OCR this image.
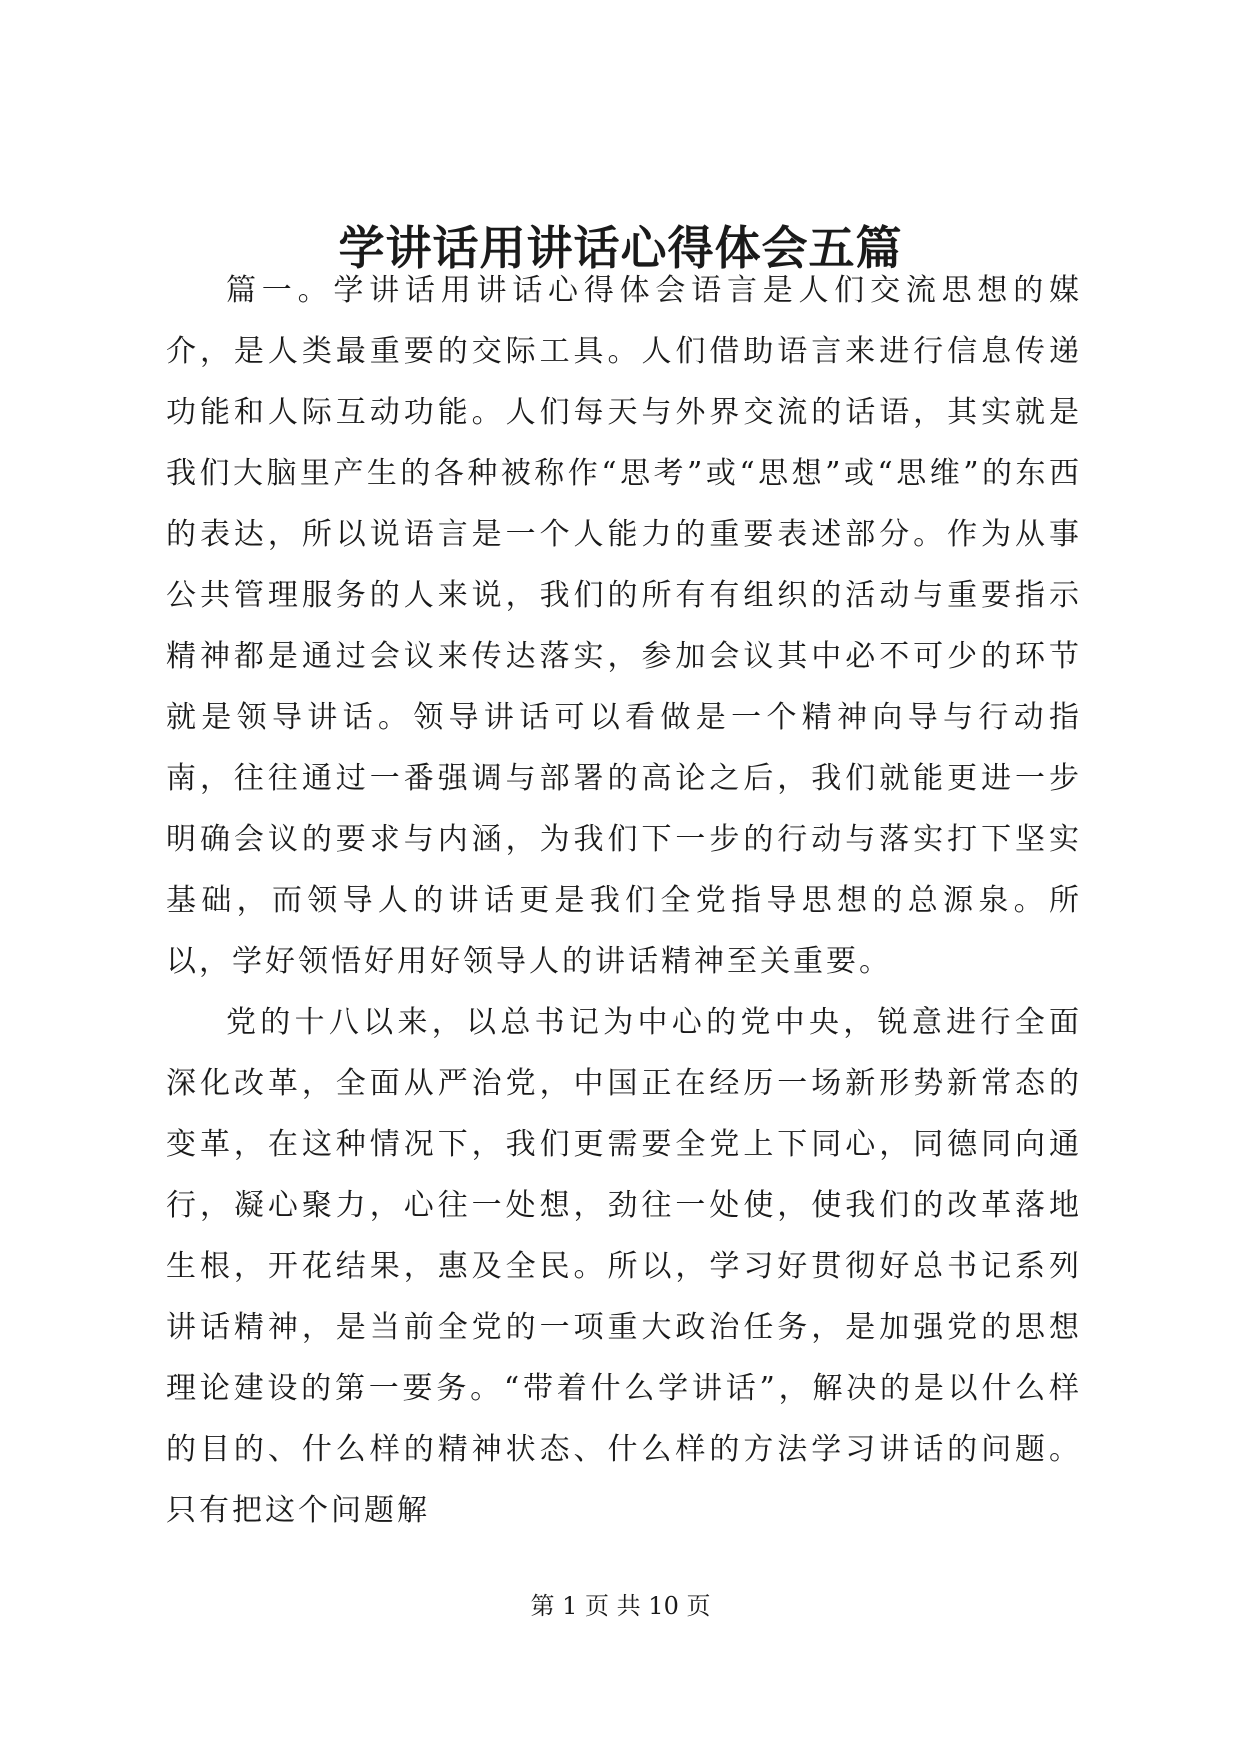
学讲话用讲话心得体会五篇

篇一。学讲话用讲话心得体会语言是人们交流思想的媒介，是人类最重要的交际工具。人们借助语言来进行信息传递功能和人际互动功能。人们每天与外界交流的话语，其实就是我们大脑里产生的各种被称作“思考”或“思想”或“思维”的东西的表达，所以说语言是一个人能力的重要表述部分。作为从事公共管理服务的人来说，我们的所有有组织的活动与重要指示精神都是通过会议来传达落实，参加会议其中必不可少的环节就是领导讲话。领导讲话可以看做是一个精神向导与行动指南，往往通过一番强调与部署的高论之后，我们就能更进一步明确会议的要求与内涵，为我们下一步的行动与落实打下坚实基础，而领导人的讲话更是我们全党指导思想的总源泉。所以，学好领悟好用好领导人的讲话精神至关重要。

党的十八以来，以总书记为中心的党中央，锐意进行全面深化改革，全面从严治党，中国正在经历一场新形势新常态的变革，在这种情况下，我们更需要全党上下同心，同德同向通行，凝心聚力，心往一处想，劲往一处使，使我们的改革落地生根，开花结果，惠及全民。所以，学习好贯彻好总书记系列讲话精神，是当前全党的一项重大政治任务，是加强党的思想理论建设的第一要务。“带着什么学讲话”，解决的是以什么样的目的、什么样的精神状态、什么样的方法学习讲话的问题。只有把这个问题解

第 1 页 共 10 页
